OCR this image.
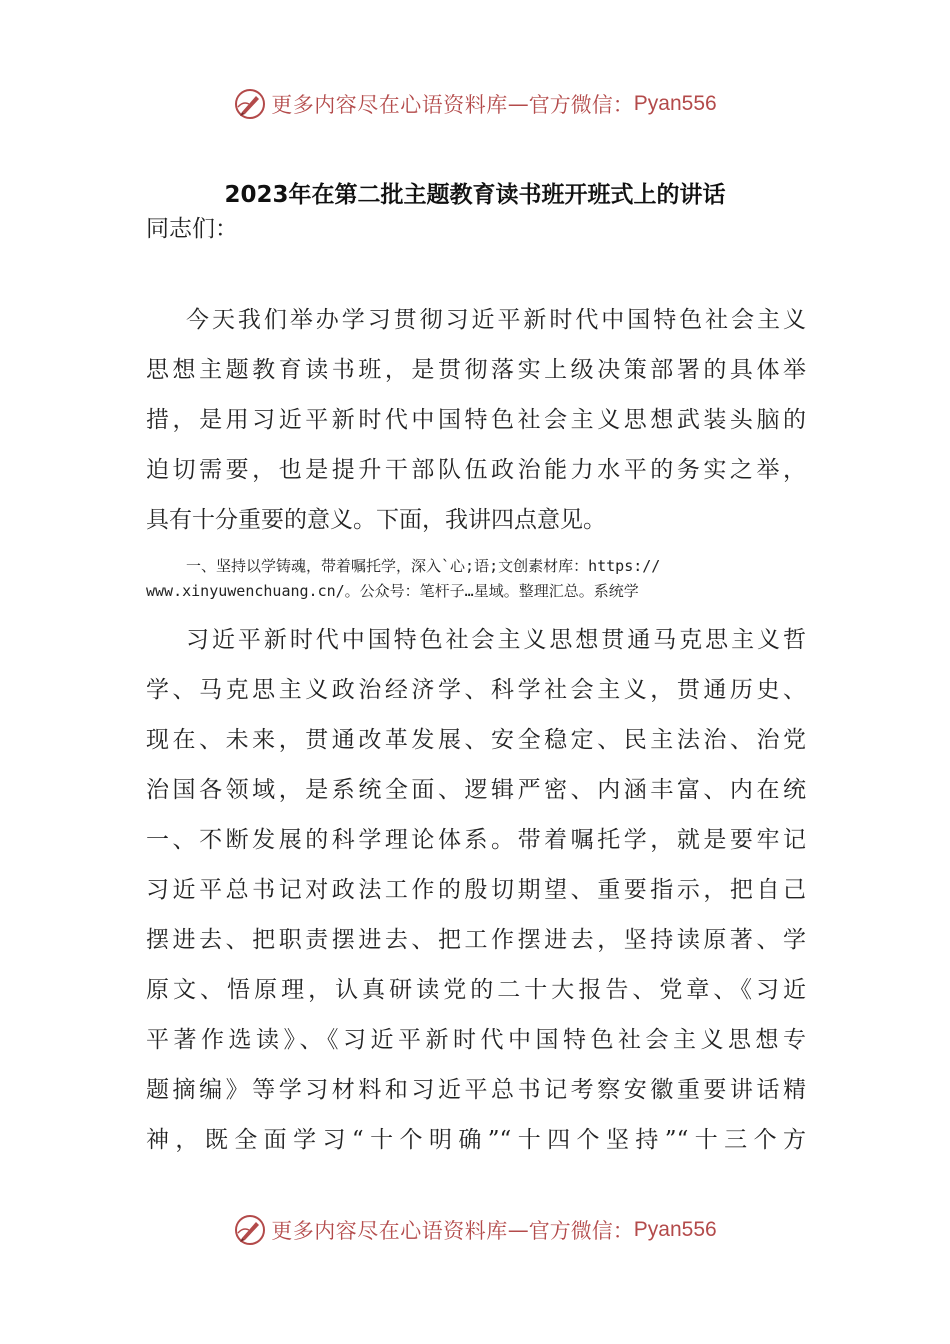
更多内容尽在心语资料库 — 官方微信： Pyan556
2023年在第二批主题教育读书班开班式上的讲话
同志们：
今天我们举办学习贯彻习近平新时代中国特色社会主义
思想主题教育读书班，是贯彻落实上级决策部署的具体举
措，是用习近平新时代中国特色社会主义思想武装头脑的
迫切需要，也是提升干部队伍政治能力水平的务实之举，
具有十分重要的意义。下面，我讲四点意见。
一、坚持以学铸魂，带着嘱托学，深入`心;语;文创素材库：https://
www.xinyuwenchuang.cn/。公众号：笔杆子…星域。整理汇总。系统学
习近平新时代中国特色社会主义思想贯通马克思主义哲
学、马克思主义政治经济学、科学社会主义，贯通历史、
现在、未来，贯通改革发展、安全稳定、民主法治、治党
治国各领域，是系统全面、逻辑严密、内涵丰富、内在统
一、不断发展的科学理论体系。带着嘱托学，就是要牢记
习近平总书记对政法工作的殷切期望、重要指示，把自己
摆进去、把职责摆进去、把工作摆进去，坚持读原著、学
原文、悟原理，认真研读党的二十大报告、党章、《习近
平著作选读》、《习近平新时代中国特色社会主义思想专
题摘编》等学习材料和习近平总书记考察安徽重要讲话精
神，既全面学习“十个明确”“十四个坚持”“十三个方
更多内容尽在心语资料库 — 官方微信： Pyan556
